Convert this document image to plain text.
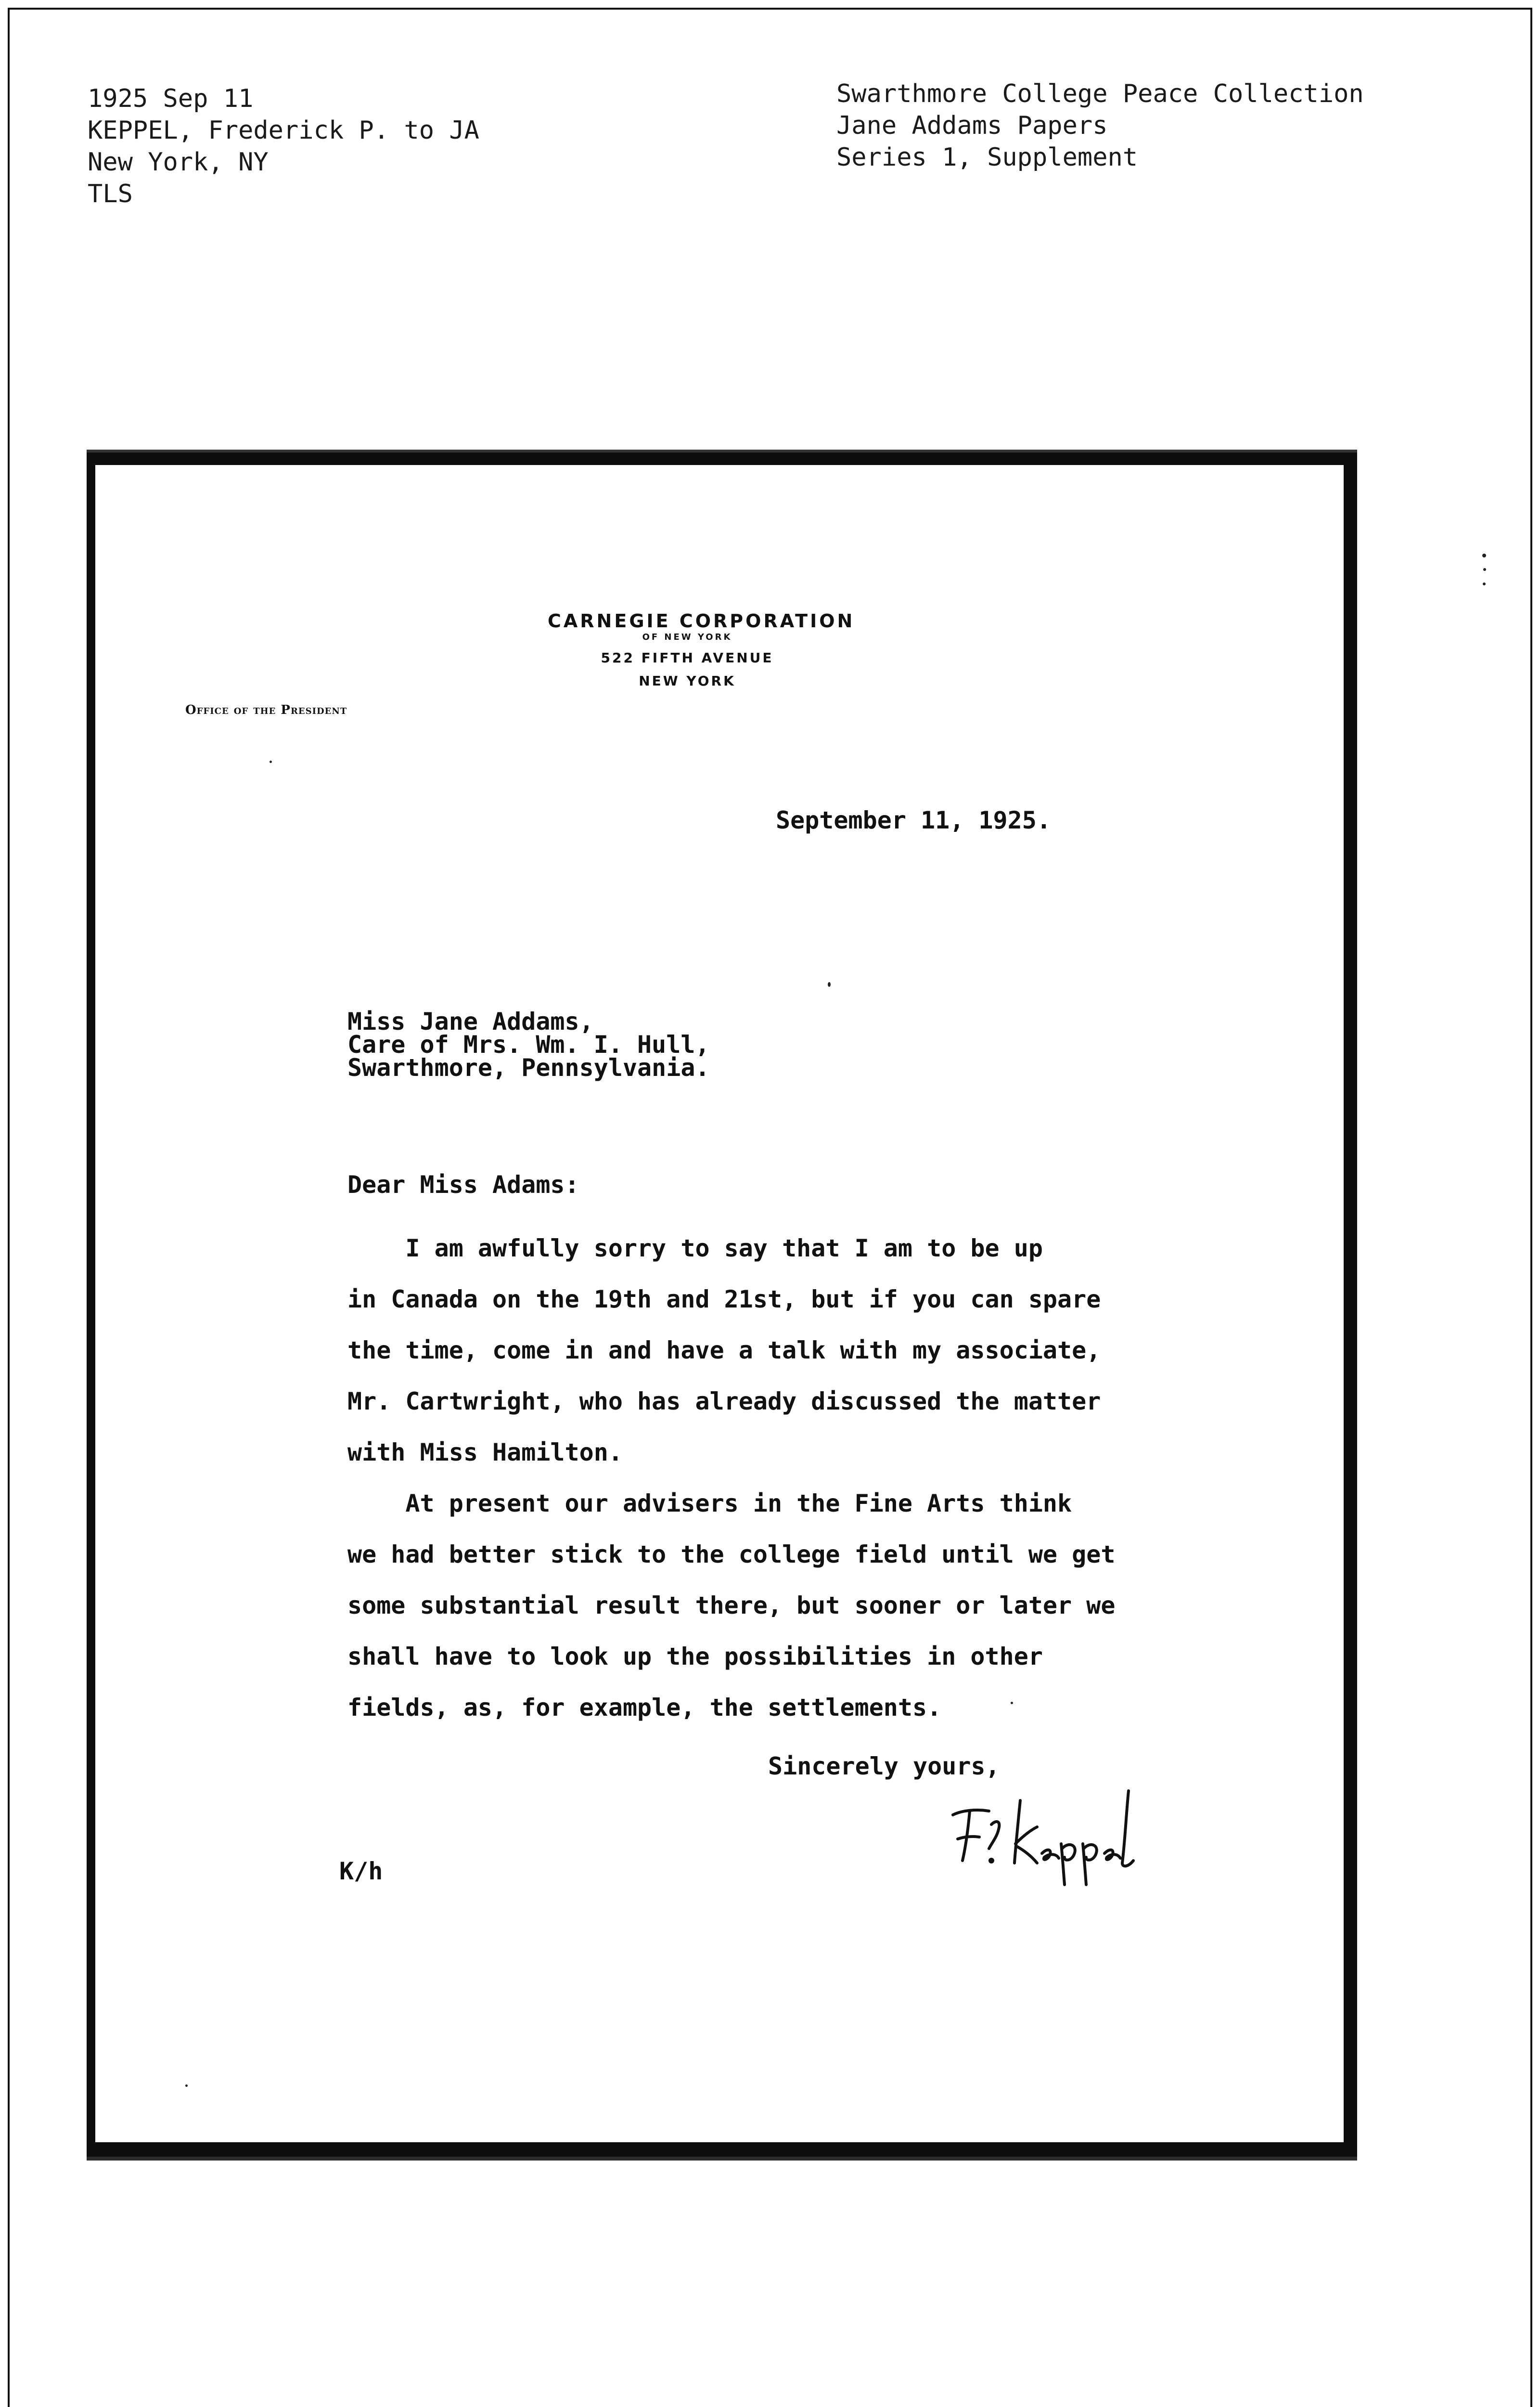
1925 Sep 11
KEPPEL, Frederick P. to JA
New York, NY
TLS
Swarthmore College Peace Collection
Jane Addams Papers
Series 1, Supplement
CARNEGIE CORPORATION
OF NEW YORK
522 FIFTH AVENUE
NEW YORK
Office of the President
September 11, 1925.
Miss Jane Addams,
Care of Mrs. Wm. I. Hull,
Swarthmore, Pennsylvania.
Dear Miss Adams:
I am awfully sorry to say that I am to be up
in Canada on the 19th and 21st, but if you can spare
the time, come in and have a talk with my associate,
Mr. Cartwright, who has already discussed the matter
with Miss Hamilton.
At present our advisers in the Fine Arts think
we had better stick to the college field until we get
some substantial result there, but sooner or later we
shall have to look up the possibilities in other
fields, as, for example, the settlements.
Sincerely yours,
K/h
